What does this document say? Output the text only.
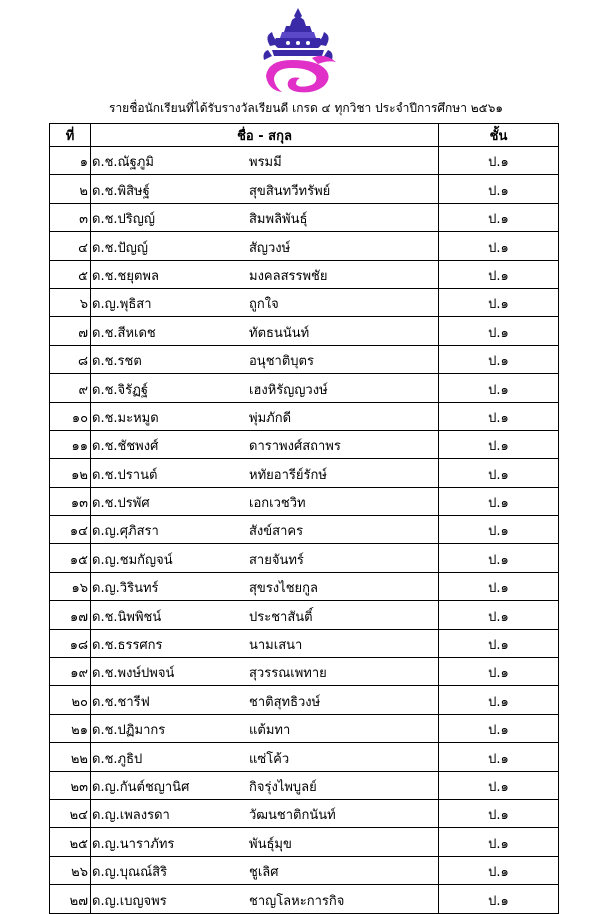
รายชื่อนักเรียนที่ได้รับรางวัลเรียนดี เกรด ๔ ทุกวิชา ประจำปีการศึกษา ๒๕๖๑
ที่	ชื่อ - สกุล	ชั้น
๑	ด.ช.ณัฐภูมิ พรมมี	ป.๑
๒	ด.ช.พิสิษฐ์ สุขสินทวีทรัพย์	ป.๑
๓	ด.ช.ปริญญ์ สิมพลิพันธุ์	ป.๑
๔	ด.ช.ปัญญ์ สัญวงษ์	ป.๑
๕	ด.ช.ชยุตพล มงคลสรรพชัย	ป.๑
๖	ด.ญ.พุธิสา ถูกใจ	ป.๑
๗	ด.ช.สีหเดช ทัตธนนันท์	ป.๑
๘	ด.ช.รชต อนุชาติบุตร	ป.๑
๙	ด.ช.จิรัฏฐ์ เฮงหิรัญญวงษ์	ป.๑
๑๐	ด.ช.มะหมูด พุ่มภักดี	ป.๑
๑๑	ด.ช.ชัชพงศ์ ดาราพงศ์สถาพร	ป.๑
๑๒	ด.ช.ปรานต์ หทัยอารีย์รักษ์	ป.๑
๑๓	ด.ช.ปรพัศ เอกเวชวิท	ป.๑
๑๔	ด.ญ.ศุภิสรา สังข์สาคร	ป.๑
๑๕	ด.ญ.ชมกัญจน์ สายจันทร์	ป.๑
๑๖	ด.ญ.วิรินทร์ สุขรงไชยกูล	ป.๑
๑๗	ด.ช.นิพพิชน์ ประชาสันติ์	ป.๑
๑๘	ด.ช.ธรรศกร นามเสนา	ป.๑
๑๙	ด.ช.พงษ์ปพจน์ สุวรรณเพทาย	ป.๑
๒๐	ด.ช.ชารีฟ ชาติสุทธิวงษ์	ป.๑
๒๑	ด.ช.ปฏิมากร แต้มทา	ป.๑
๒๒	ด.ช.ภูธิป แซ่โค้ว	ป.๑
๒๓	ด.ญ.กันต์ชญานิศ กิจรุ่งไพบูลย์	ป.๑
๒๔	ด.ญ.เพลงรดา วัฒนชาติกนันท์	ป.๑
๒๕	ด.ญ.นาราภัทร พันธุ์มุข	ป.๑
๒๖	ด.ญ.บุณณ์สิริ ชูเลิศ	ป.๑
๒๗	ด.ญ.เบญจพร ชาญโลหะการกิจ	ป.๑
